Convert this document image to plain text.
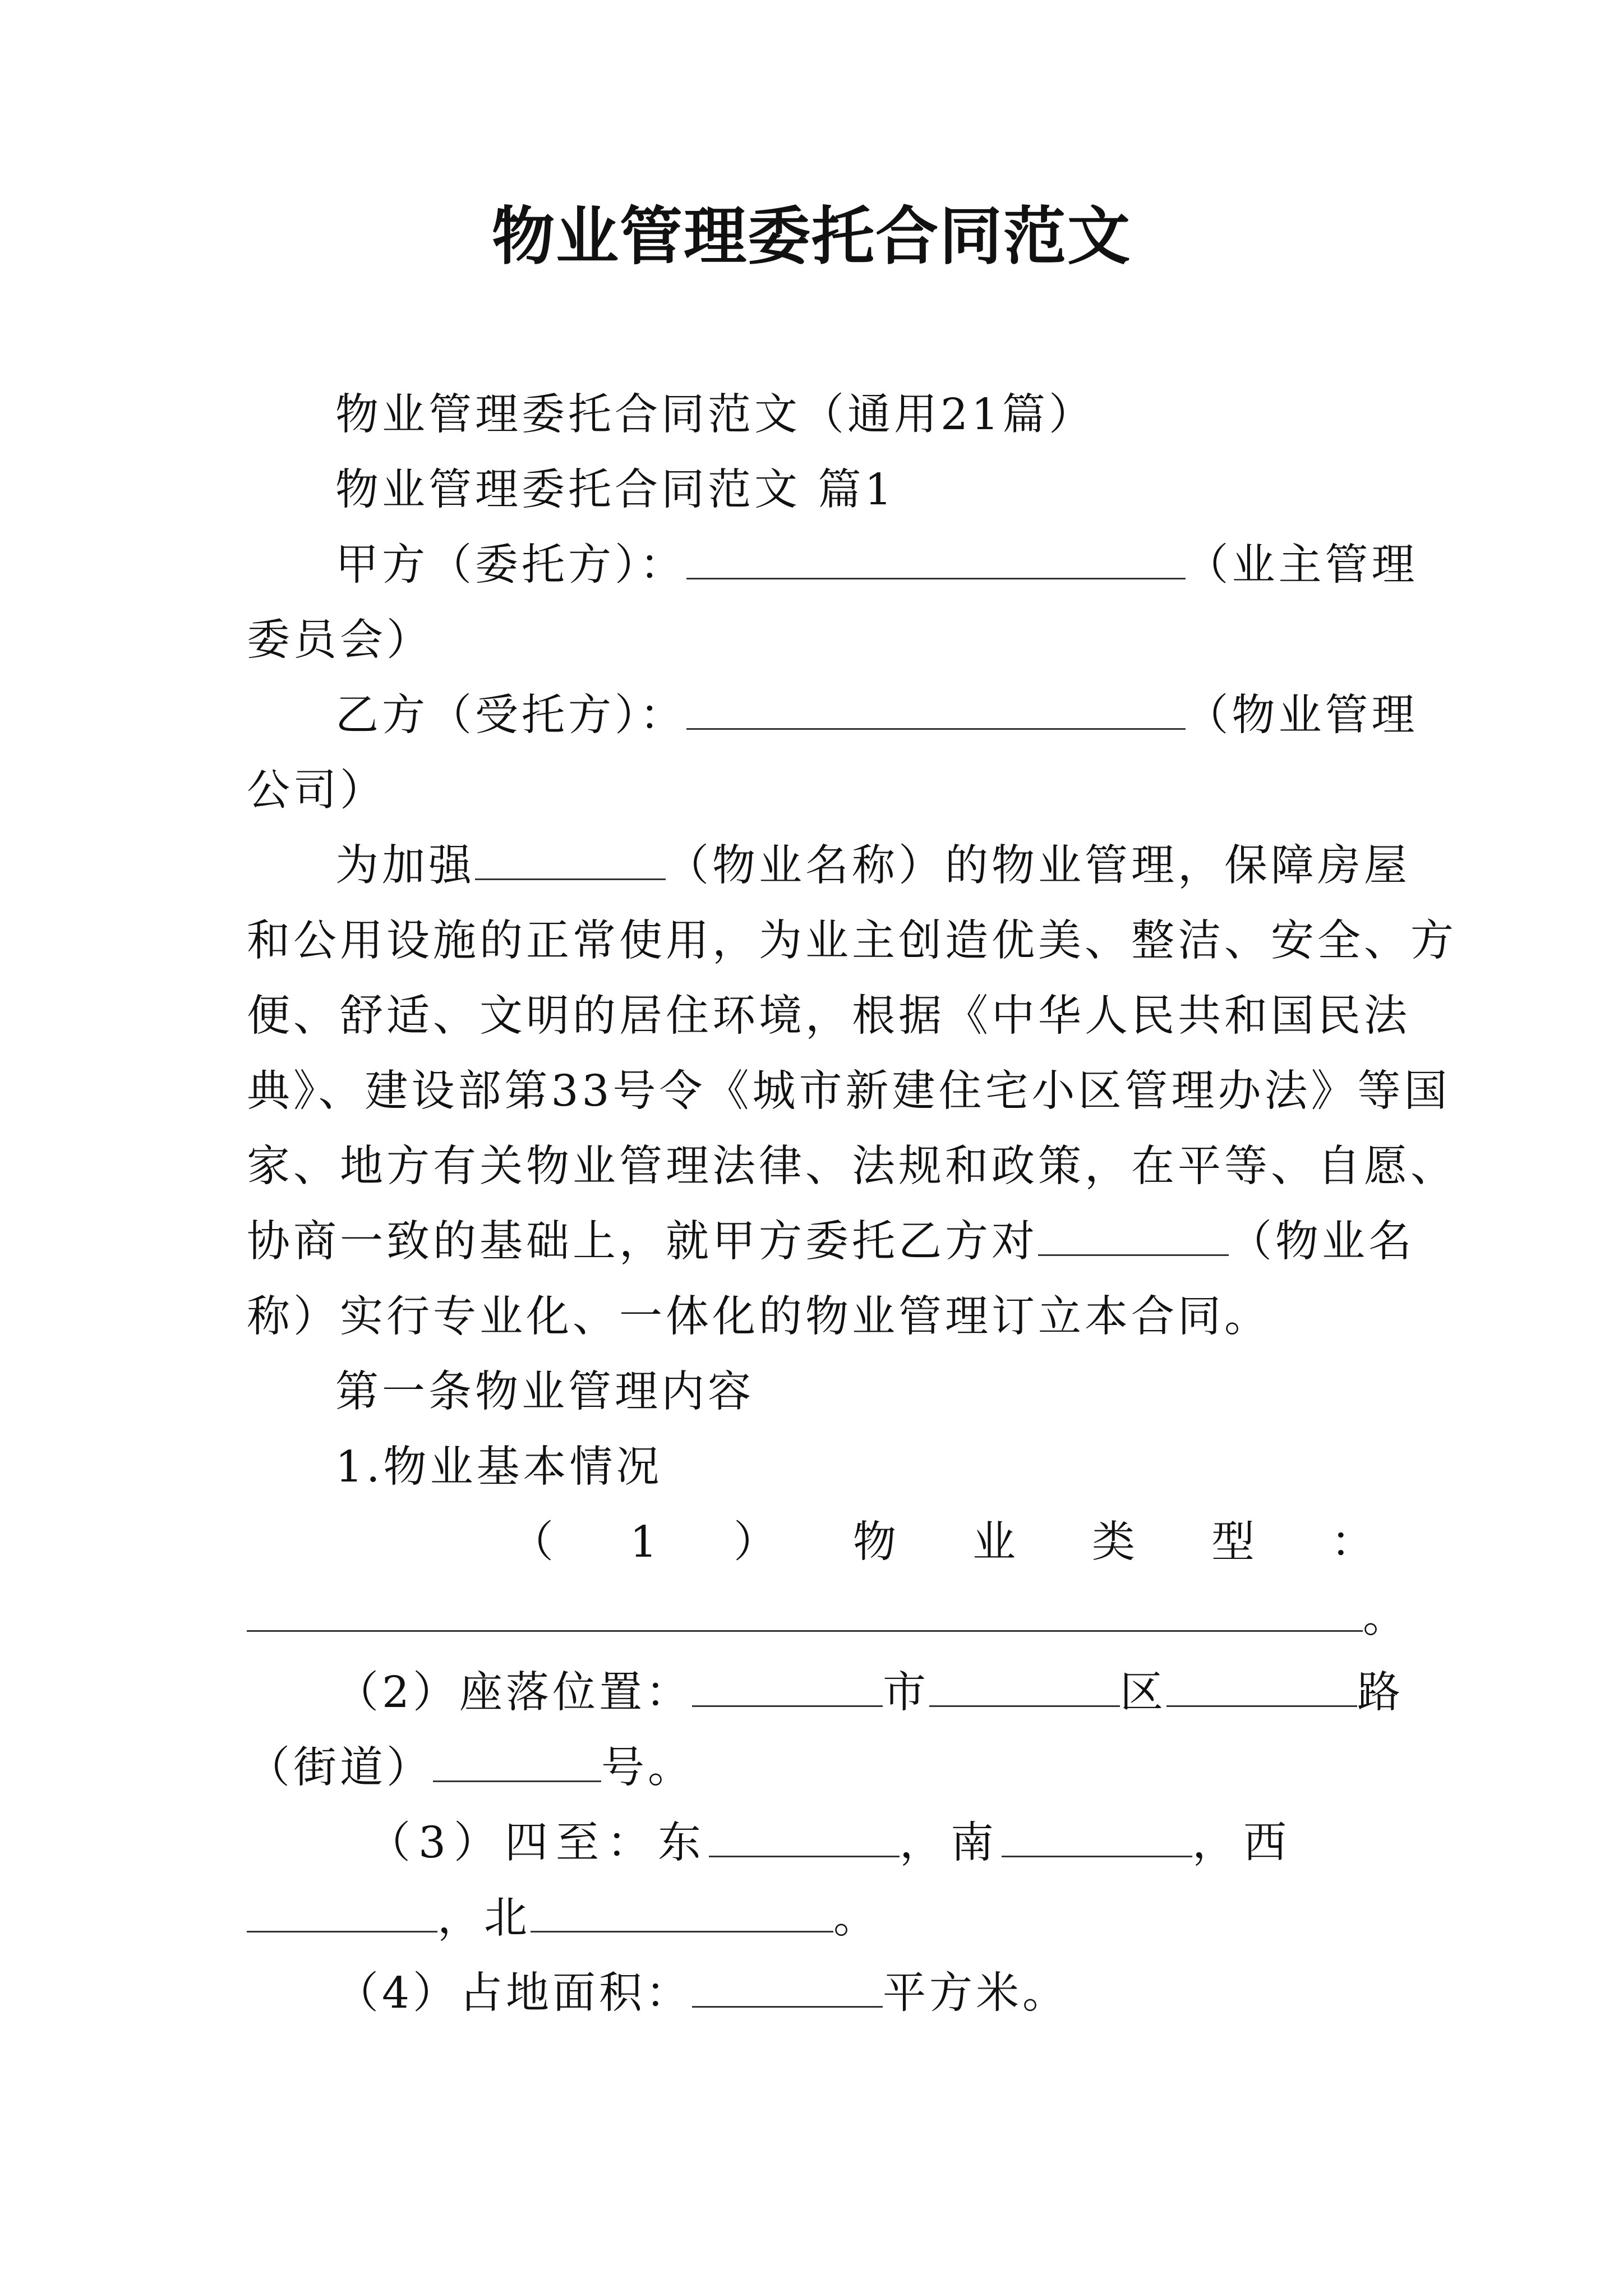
物业管理委托合同范文
物业管理委托合同范文（通用21篇）
物业管理委托合同范文 篇1
甲方（委托方）：	（业主管理
委员会）
乙方（受托方）：	（物业管理
公司）
为加强	（物业名称）的物业管理，保障房屋
和公用设施的正常使用，为业主创造优美、整洁、安全、方
便、舒适、文明的居住环境，根据《中华人民共和国民法
典》、建设部第33号令《城市新建住宅小区管理办法》等国
家、地方有关物业管理法律、法规和政策，在平等、自愿、
协商一致的基础上，就甲方委托乙方对	（物业名
称）实行专业化、一体化的物业管理订立本合同。
第一条物业管理内容
1.物业基本情况
（ 1 ） 物 业 类 型 ：
。
（2）座落位置：	市	区	路
（街道）	号。
（3）四至：东	，南	，西
，北	。
（4）占地面积：	平方米。
